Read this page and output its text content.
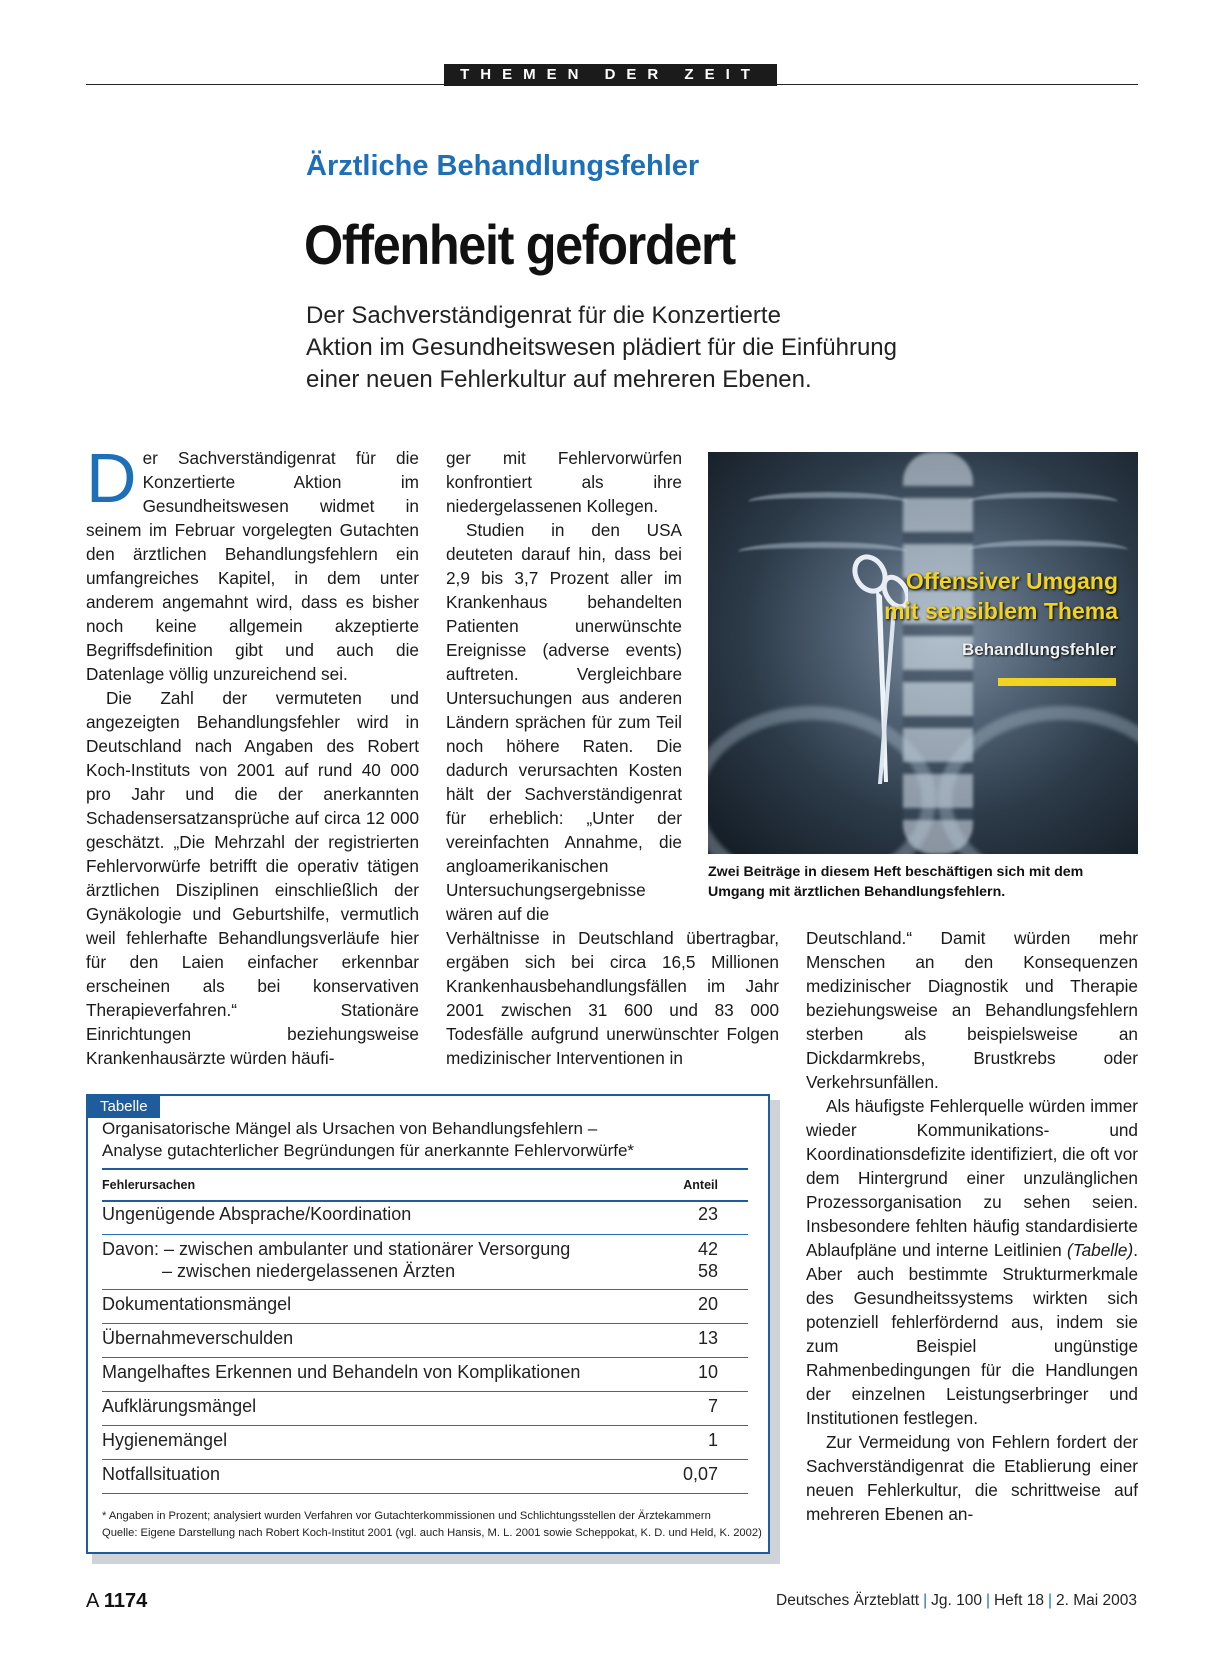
THEMEN DER ZEIT
Ärztliche Behandlungsfehler
Offenheit gefordert
Der Sachverständigenrat für die Konzertierte
Aktion im Gesundheitswesen plädiert für die Einführung
einer neuen Fehlerkultur auf mehreren Ebenen.

Der Sachverständigenrat für die Konzertierte Aktion im Gesundheitswesen widmet in seinem im Februar vorgelegten Gutachten den ärztlichen Behandlungsfehlern ein umfangreiches Kapitel, in dem unter anderem angemahnt wird, dass es bisher noch keine allgemein akzeptierte Begriffsdefinition gibt und auch die Datenlage völlig unzureichend sei.

Die Zahl der vermuteten und angezeigten Behandlungsfehler wird in Deutschland nach Angaben des Robert Koch-Instituts von 2001 auf rund 40 000 pro Jahr und die der anerkannten Schadensersatzansprüche auf circa 12 000 geschätzt. „Die Mehrzahl der registrierten Fehlervorwürfe betrifft die operativ tätigen ärztlichen Disziplinen einschließlich der Gynäkologie und Geburtshilfe, vermutlich weil fehlerhafte Behandlungsverläufe hier für den Laien einfacher erkennbar erscheinen als bei konservativen Therapieverfahren.“ Stationäre Einrichtungen beziehungsweise Krankenhausärzte würden häufi-

ger mit Fehlervorwürfen konfrontiert als ihre niedergelassenen Kollegen.

Studien in den USA deuteten darauf hin, dass bei 2,9 bis 3,7 Prozent aller im Krankenhaus behandelten Patienten unerwünschte Ereignisse (adverse events) auftreten. Vergleichbare Untersuchungen aus anderen Ländern sprächen für zum Teil noch höhere Raten. Die dadurch verursachten Kosten hält der Sachverständigenrat für erheblich: „Unter der vereinfachten Annahme, die angloamerikanischen Untersuchungsergebnisse wären auf die

Verhältnisse in Deutschland übertragbar, ergäben sich bei circa 16,5 Millionen Krankenhausbehandlungsfällen im Jahr 2001 zwischen 31 600 und 83 000 Todesfälle aufgrund unerwünschter Folgen medizinischer Interventionen in

Deutschland.“ Damit würden mehr Menschen an den Konsequenzen medizinischer Diagnostik und Therapie beziehungsweise an Behandlungsfehlern sterben als beispielsweise an Dickdarmkrebs, Brustkrebs oder Verkehrsunfällen.

Als häufigste Fehlerquelle würden immer wieder Kommunikations- und Koordinationsdefizite identifiziert, die oft vor dem Hintergrund einer unzulänglichen Prozessorganisation zu sehen seien. Insbesondere fehlten häufig standardisierte Ablaufpläne und interne Leitlinien (Tabelle). Aber auch bestimmte Strukturmerkmale des Gesundheitssystems wirkten sich potenziell fehlerfördernd aus, indem sie zum Beispiel ungünstige Rahmenbedingungen für die Handlungen der einzelnen Leistungserbringer und Institutionen festlegen.

Zur Vermeidung von Fehlern fordert der Sachverständigenrat die Etablierung einer neuen Fehlerkultur, die schrittweise auf mehreren Ebenen an-

Offensiver Umgang
mit sensiblem Thema
Behandlungsfehler
Zwei Beiträge in diesem Heft beschäftigen sich mit dem Umgang mit ärztlichen Behandlungsfehlern.
Tabelle
Organisatorische Mängel als Ursachen von Behandlungsfehlern –
Analyse gutachterlicher Begründungen für anerkannte Fehlervorwürfe*
Fehlerursachen	Anteil
Ungenügende Absprache/Koordination	23
Davon: – zwischen ambulanter und stationärer Versorgung	42
– zwischen niedergelassenen Ärzten	58
Dokumentationsmängel	20
Übernahmeverschulden	13
Mangelhaftes Erkennen und Behandeln von Komplikationen	10
Aufklärungsmängel	7
Hygienemängel	1
Notfallsituation	0,07
* Angaben in Prozent; analysiert wurden Verfahren vor Gutachterkommissionen und Schlichtungsstellen der Ärztekammern
Quelle: Eigene Darstellung nach Robert Koch-Institut 2001 (vgl. auch Hansis, M. L. 2001 sowie Scheppokat, K. D. und Held, K. 2002)
A 1174	Deutsches Ärzteblatt | Jg. 100 | Heft 18 | 2. Mai 2003
